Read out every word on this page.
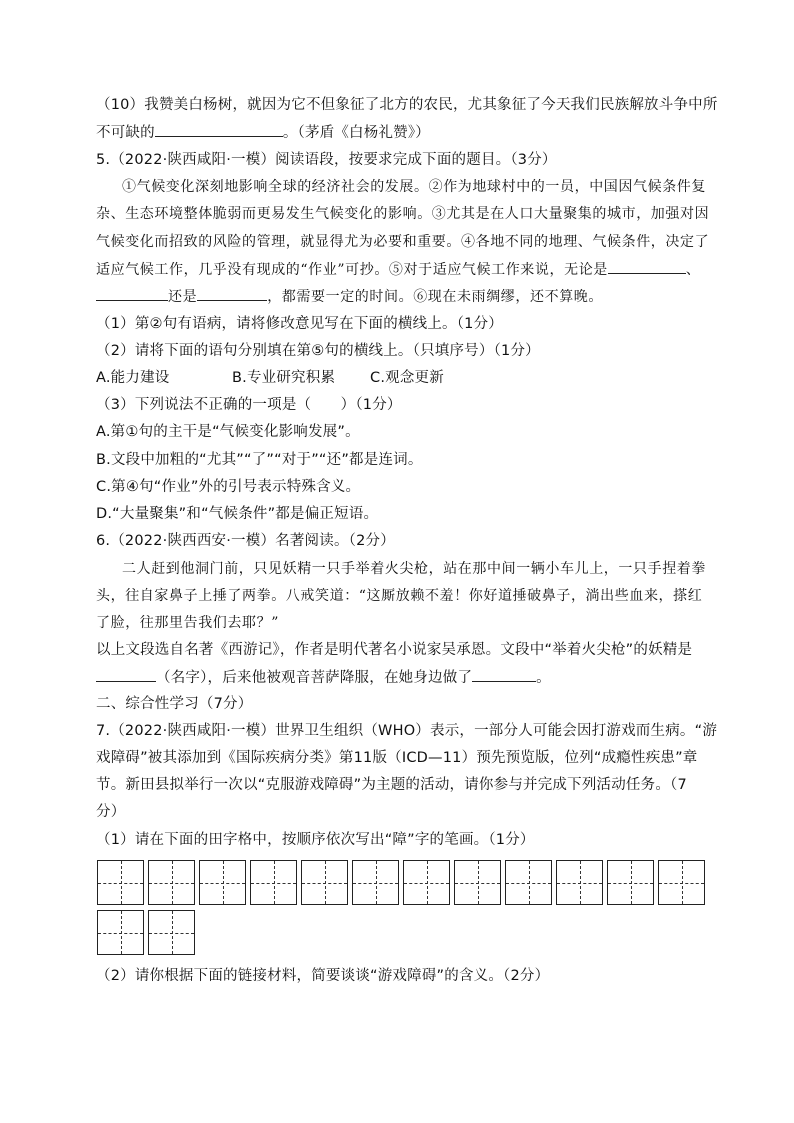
（10）我赞美白杨树，就因为它不但象征了北方的农民，尤其象征了今天我们民族解放斗争中所
不可缺的	。（茅盾《白杨礼赞》）
5.（2022·陕西咸阳·一模）阅读语段，按要求完成下面的题目。（3分）
①气候变化深刻地影响全球的经济社会的发展。②作为地球村中的一员，中国因气候条件复
杂、生态环境整体脆弱而更易发生气候变化的影响。③尤其是在人口大量聚集的城市，加强对因
气候变化而招致的风险的管理，就显得尤为必要和重要。④各地不同的地理、气候条件，决定了
适应气候工作，几乎没有现成的“作业”可抄。⑤对于适应气候工作来说，无论是	、
还是	，都需要一定的时间。⑥现在未雨绸缪，还不算晚。
（1）第②句有语病，请将修改意见写在下面的横线上。（1分）
（2）请将下面的语句分别填在第⑤句的横线上。（只填序号）（1分）
A.能力建设	B.专业研究积累 C.观念更新
（3）下列说法不正确的一项是（　　）（1分）
A.第①句的主干是“气候变化影响发展”。
B.文段中加粗的“尤其”“了”“对于”“还”都是连词。
C.第④句“作业”外的引号表示特殊含义。
D.“大量聚集”和“气候条件”都是偏正短语。
6.（2022·陕西西安·一模）名著阅读。（2分）
二人赶到他洞门前，只见妖精一只手举着火尖枪，站在那中间一辆小车儿上，一只手捏着拳
头，往自家鼻子上捶了两拳。八戒笑道：“这厮放赖不羞！你好道捶破鼻子，淌出些血来，搽红
了脸，往那里告我们去耶？”
以上文段选自名著《西游记》，作者是明代著名小说家吴承恩。文段中“举着火尖枪”的妖精是
（名字），后来他被观音菩萨降服，在她身边做了	。
二、综合性学习（7分）
7.（2022·陕西咸阳·一模）世界卫生组织（WHO）表示，一部分人可能会因打游戏而生病。“游
戏障碍”被其添加到《国际疾病分类》第11版（ICD—11）预先预览版，位列“成瘾性疾患”章
节。新田县拟举行一次以“克服游戏障碍”为主题的活动，请你参与并完成下列活动任务。（7
分）
（1）请在下面的田字格中，按顺序依次写出“障”字的笔画。（1分）
（2）请你根据下面的链接材料，简要谈谈“游戏障碍”的含义。（2分）
